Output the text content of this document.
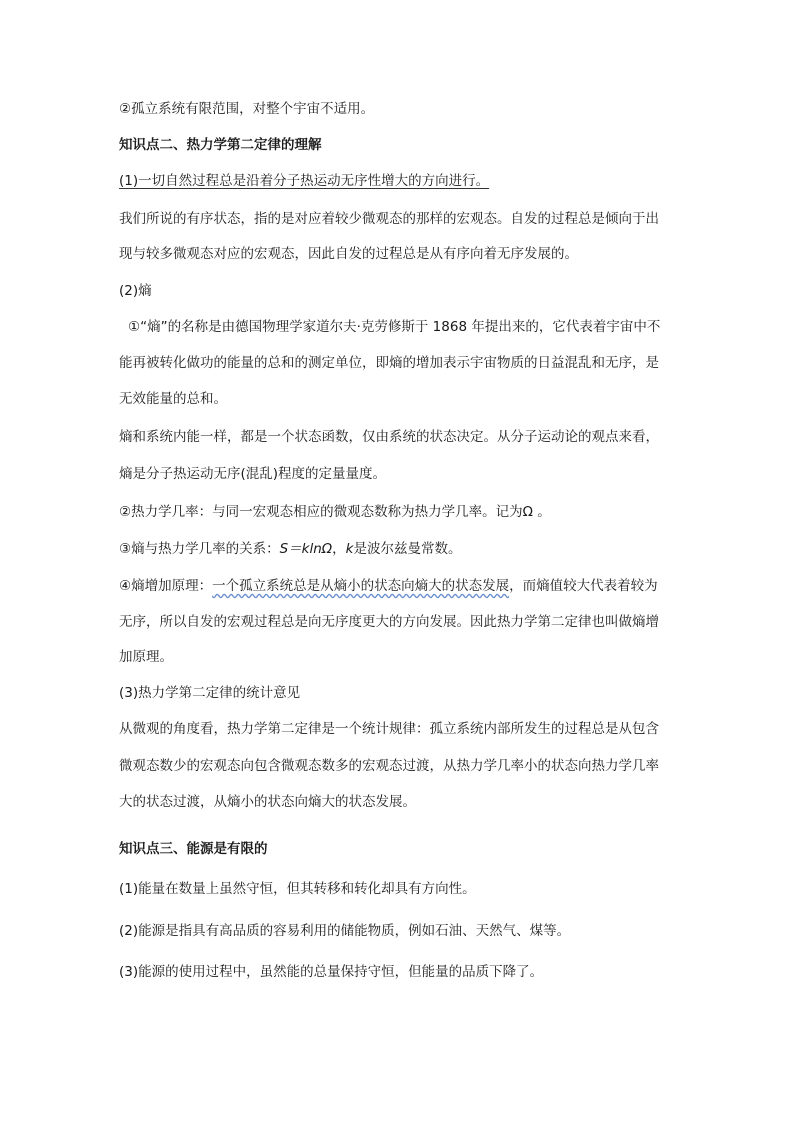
②孤立系统有限范围，对整个宇宙不适用。
知识点二、热力学第二定律的理解
(1)一切自然过程总是沿着分子热运动无序性增大的方向进行。
我们所说的有序状态，指的是对应着较少微观态的那样的宏观态。自发的过程总是倾向于出
现与较多微观态对应的宏观态，因此自发的过程总是从有序向着无序发展的。
(2)熵
①“熵”的名称是由德国物理学家道尔夫·克劳修斯于 1868 年提出来的，它代表着宇宙中不
能再被转化做功的能量的总和的测定单位，即熵的增加表示宇宙物质的日益混乱和无序，是
无效能量的总和。
熵和系统内能一样，都是一个状态函数，仅由系统的状态决定。从分子运动论的观点来看，
熵是分子热运动无序(混乱)程度的定量量度。
②热力学几率：与同一宏观态相应的微观态数称为热力学几率。记为Ω 。
③熵与热力学几率的关系：S＝klnΩ，k是波尔兹曼常数。
④熵增加原理：一个孤立系统总是从熵小的状态向熵大的状态发展，而熵值较大代表着较为
无序，所以自发的宏观过程总是向无序度更大的方向发展。因此热力学第二定律也叫做熵增
加原理。
(3)热力学第二定律的统计意见
从微观的角度看，热力学第二定律是一个统计规律：孤立系统内部所发生的过程总是从包含
微观态数少的宏观态向包含微观态数多的宏观态过渡，从热力学几率小的状态向热力学几率
大的状态过渡，从熵小的状态向熵大的状态发展。
知识点三、能源是有限的
(1)能量在数量上虽然守恒，但其转移和转化却具有方向性。
(2)能源是指具有高品质的容易利用的储能物质，例如石油、天然气、煤等。
(3)能源的使用过程中，虽然能的总量保持守恒，但能量的品质下降了。
